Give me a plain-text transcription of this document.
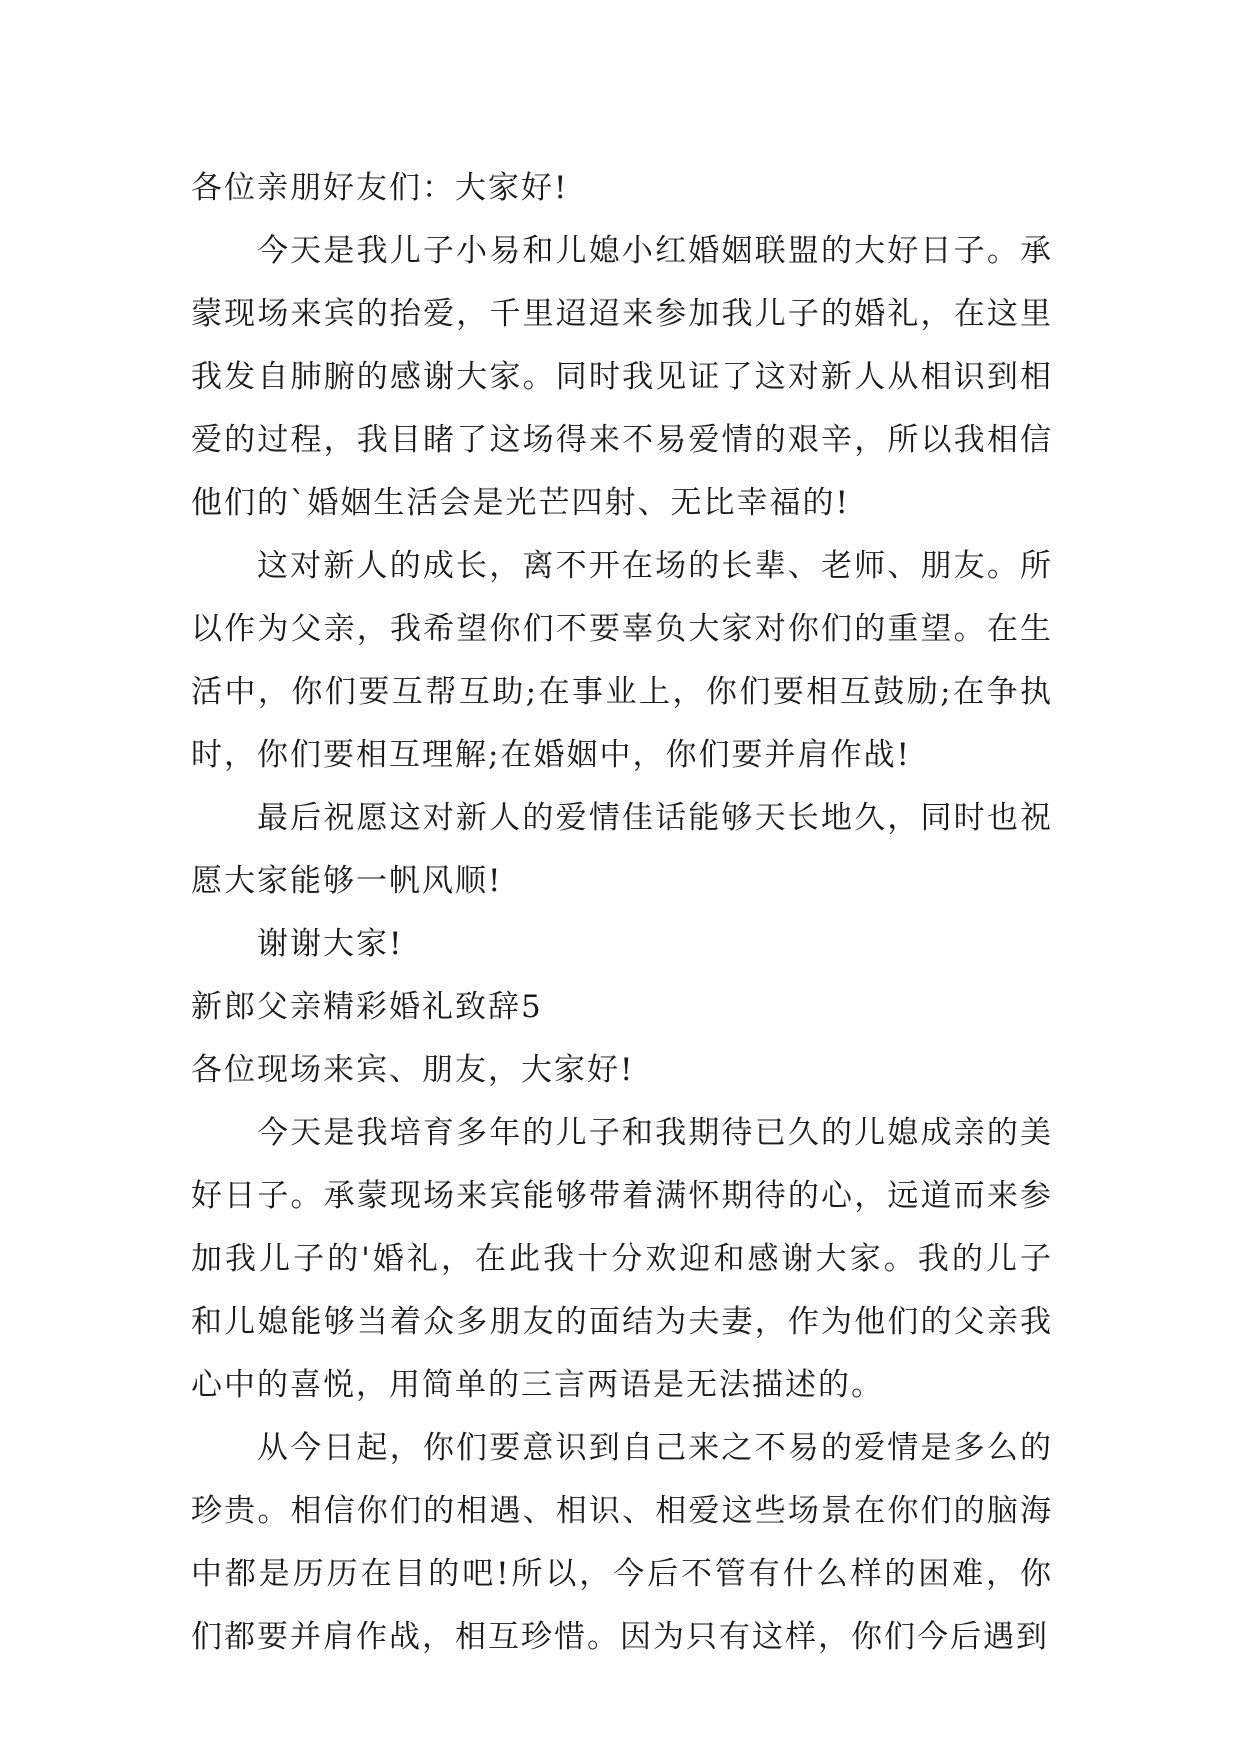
各位亲朋好友们：大家好!

今天是我儿子小易和儿媳小红婚姻联盟的大好日子。承蒙现场来宾的抬爱，千里迢迢来参加我儿子的婚礼，在这里我发自肺腑的感谢大家。同时我见证了这对新人从相识到相爱的过程，我目睹了这场得来不易爱情的艰辛，所以我相信他们的`婚姻生活会是光芒四射、无比幸福的!

这对新人的成长，离不开在场的长辈、老师、朋友。所以作为父亲，我希望你们不要辜负大家对你们的重望。在生活中，你们要互帮互助;在事业上，你们要相互鼓励;在争执时，你们要相互理解;在婚姻中，你们要并肩作战!

最后祝愿这对新人的爱情佳话能够天长地久，同时也祝愿大家能够一帆风顺!

谢谢大家!

新郎父亲精彩婚礼致辞5

各位现场来宾、朋友，大家好!

今天是我培育多年的儿子和我期待已久的儿媳成亲的美好日子。承蒙现场来宾能够带着满怀期待的心，远道而来参加我儿子的'婚礼，在此我十分欢迎和感谢大家。我的儿子和儿媳能够当着众多朋友的面结为夫妻，作为他们的父亲我心中的喜悦，用简单的三言两语是无法描述的。

从今日起，你们要意识到自己来之不易的爱情是多么的珍贵。相信你们的相遇、相识、相爱这些场景在你们的脑海中都是历历在目的吧!所以，今后不管有什么样的困难，你们都要并肩作战，相互珍惜。因为只有这样，你们今后遇到
